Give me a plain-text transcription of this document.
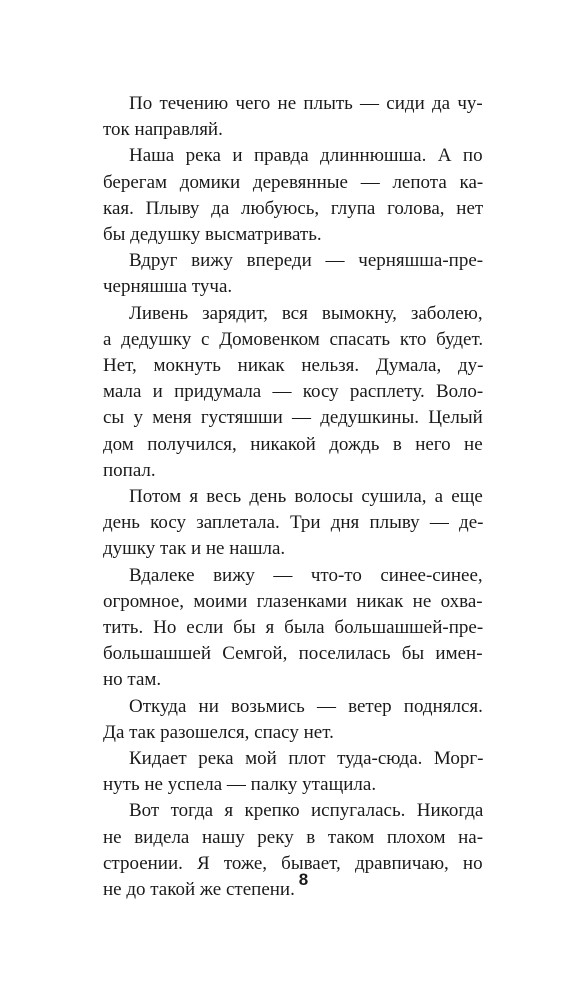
По течению чего не плыть — сиди да чу-
ток направляй.

Наша река и правда длиннюшша. А по
берегам домики деревянные — лепота ка-
кая. Плыву да любуюсь, глупа голова, нет
бы дедушку высматривать.

Вдруг вижу впереди — черняшша-пре-
черняшша туча.

Ливень зарядит, вся вымокну, заболею,
а дедушку с Домовенком спасать кто будет.
Нет, мокнуть никак нельзя. Думала, ду-
мала и придумала — косу расплету. Воло-
сы у меня густяшши — дедушкины. Целый
дом получился, никакой дождь в него не
попал.

Потом я весь день волосы сушила, а еще
день косу заплетала. Три дня плыву — де-
душку так и не нашла.

Вдалеке вижу — что-то синее-синее,
огромное, моими глазенками никак не охва-
тить. Но если бы я была большашшей-пре-
большашшей Семгой, поселилась бы имен-
но там.

Откуда ни возьмись — ветер поднялся.
Да так разошелся, спасу нет.

Кидает река мой плот туда-сюда. Морг-
нуть не успела — палку утащила.

Вот тогда я крепко испугалась. Никогда
не видела нашу реку в таком плохом на-
строении. Я тоже, бывает, дравпичаю, но
не до такой же степени. 8
